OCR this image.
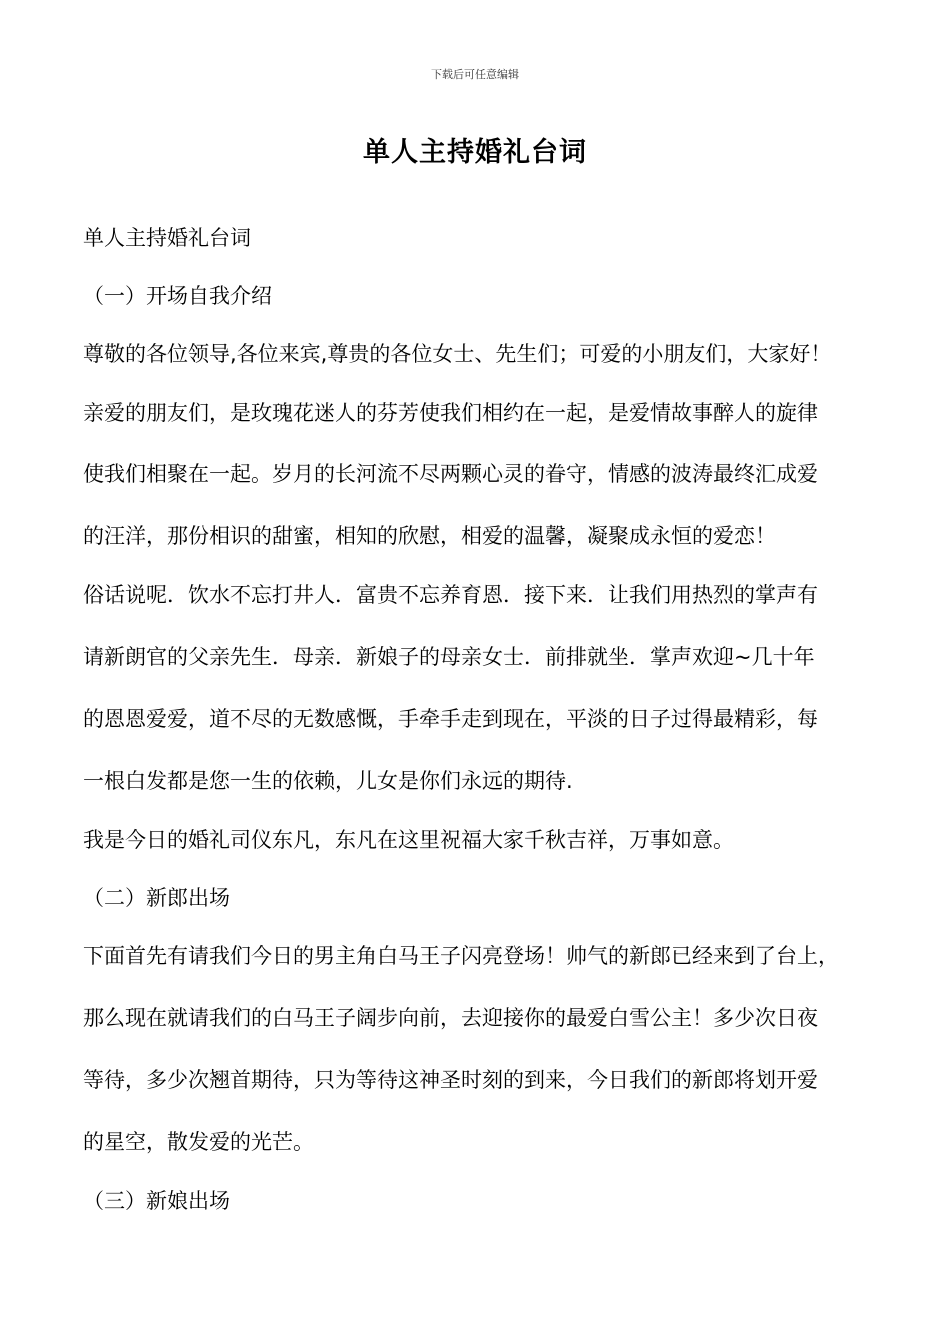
下载后可任意编辑
单人主持婚礼台词
单人主持婚礼台词
（一）开场自我介绍
尊敬的各位领导,各位来宾,尊贵的各位女士、先生们；可爱的小朋友们，大家好！
亲爱的朋友们，是玫瑰花迷人的芬芳使我们相约在一起，是爱情故事醉人的旋律
使我们相聚在一起。岁月的长河流不尽两颗心灵的眷守，情感的波涛最终汇成爱
的汪洋，那份相识的甜蜜，相知的欣慰，相爱的温馨，凝聚成永恒的爱恋！
俗话说呢．饮水不忘打井人．富贵不忘养育恩．接下来．让我们用热烈的掌声有
请新朗官的父亲先生．母亲．新娘子的母亲女士．前排就坐．掌声欢迎~几十年
的恩恩爱爱，道不尽的无数感慨，手牵手走到现在，平淡的日子过得最精彩，每
一根白发都是您一生的依赖，儿女是你们永远的期待.
我是今日的婚礼司仪东凡，东凡在这里祝福大家千秋吉祥，万事如意。
（二）新郎出场
下面首先有请我们今日的男主角白马王子闪亮登场！帅气的新郎已经来到了台上，
那么现在就请我们的白马王子阔步向前，去迎接你的最爱白雪公主！多少次日夜
等待，多少次翘首期待，只为等待这神圣时刻的到来，今日我们的新郎将划开爱
的星空，散发爱的光芒。
（三）新娘出场
